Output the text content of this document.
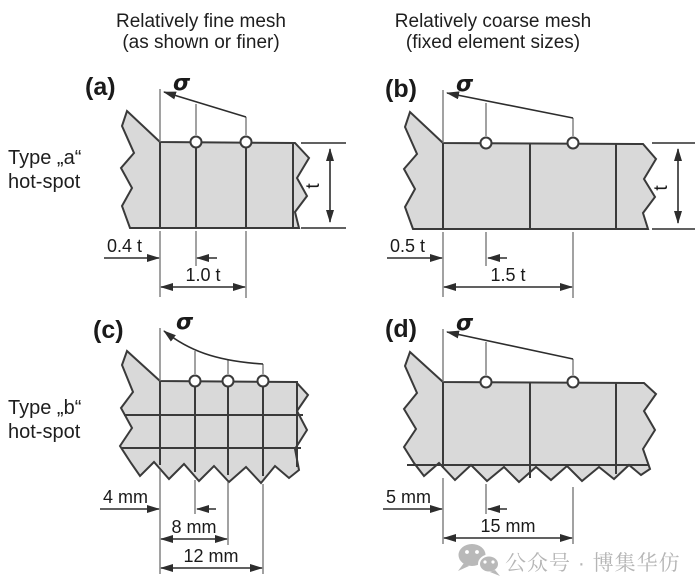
Relatively fine mesh
(as shown or finer)
Relatively coarse mesh
(fixed element sizes)
Type „a“
hot-spot
Type „b“
hot-spot
(a)	σ
t
0.4 t
1.0 t
(b) σ
t
0.5 t
1.5 t
(c) σ
4 mm
8 mm
12 mm
(d) σ
5 mm
15 mm
公众号 · 博集华仿
